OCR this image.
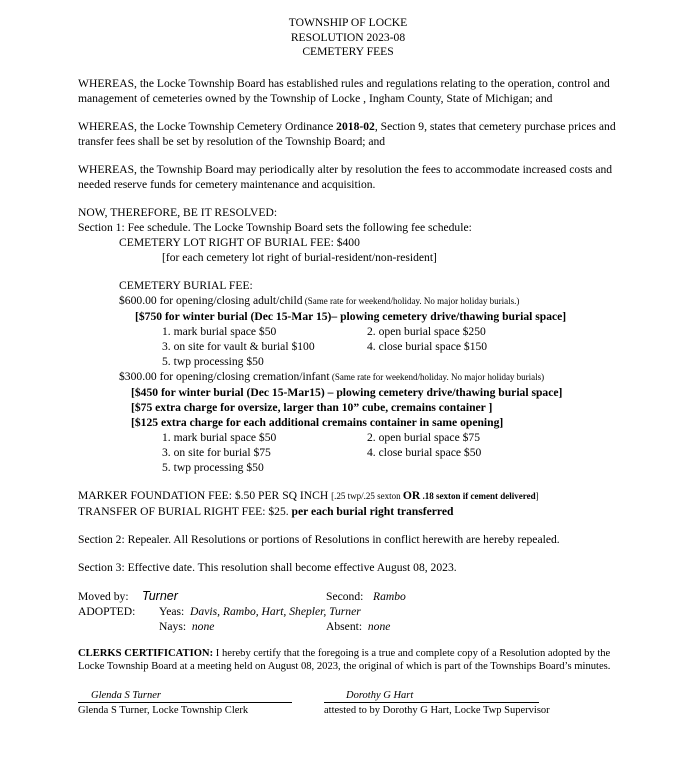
TOWNSHIP OF LOCKE
RESOLUTION 2023-08
CEMETERY FEES

WHEREAS, the Locke Township Board has established rules and regulations relating to the operation, control and management of cemeteries owned by the Township of Locke , Ingham County, State of Michigan; and

WHEREAS, the Locke Township Cemetery Ordinance 2018-02, Section 9, states that cemetery purchase prices and transfer fees shall be set by resolution of the Township Board; and

WHEREAS, the Township Board may periodically alter by resolution the fees to accommodate increased costs and needed reserve funds for cemetery maintenance and acquisition.

NOW, THEREFORE, BE IT RESOLVED:
Section 1: Fee schedule. The Locke Township Board sets the following fee schedule:
CEMETERY LOT RIGHT OF BURIAL FEE: $400
[for each cemetery lot right of burial-resident/non-resident]
CEMETERY BURIAL FEE:
$600.00 for opening/closing adult/child (Same rate for weekend/holiday. No major holiday burials.)
[$750 for winter burial (Dec 15-Mar 15)– plowing cemetery drive/thawing burial space]
1. mark burial space $50	2. open burial space $250
3. on site for vault & burial $100	4. close burial space $150
5. twp processing $50
$300.00 for opening/closing cremation/infant (Same rate for weekend/holiday. No major holiday burials)
[$450 for winter burial (Dec 15-Mar15) – plowing cemetery drive/thawing burial space]
[$75 extra charge for oversize, larger than 10” cube, cremains container ]
[$125 extra charge for each additional cremains container in same opening]
1. mark burial space $50	2. open burial space $75
3. on site for burial $75	4. close burial space $50
5. twp processing $50
MARKER FOUNDATION FEE: $.50 PER SQ INCH [.25 twp/.25 sexton OR .18 sexton if cement delivered]
TRANSFER OF BURIAL RIGHT FEE: $25. per each burial right transferred

Section 2: Repealer. All Resolutions or portions of Resolutions in conflict herewith are hereby repealed.

Section 3: Effective date. This resolution shall become effective August 08, 2023.

Moved by:	Turner	Second:	Rambo
ADOPTED:	Yeas: Davis, Rambo, Hart, Shepler, Turner		
	Nays: none	Absent: none	

CLERKS CERTIFICATION: I hereby certify that the foregoing is a true and complete copy of a Resolution adopted by the Locke Township Board at a meeting held on August 08, 2023, the original of which is part of the Townships Board’s minutes.

Glenda S Turner
Glenda S Turner, Locke Township Clerk
Dorothy G Hart
attested to by Dorothy G Hart, Locke Twp Supervisor
